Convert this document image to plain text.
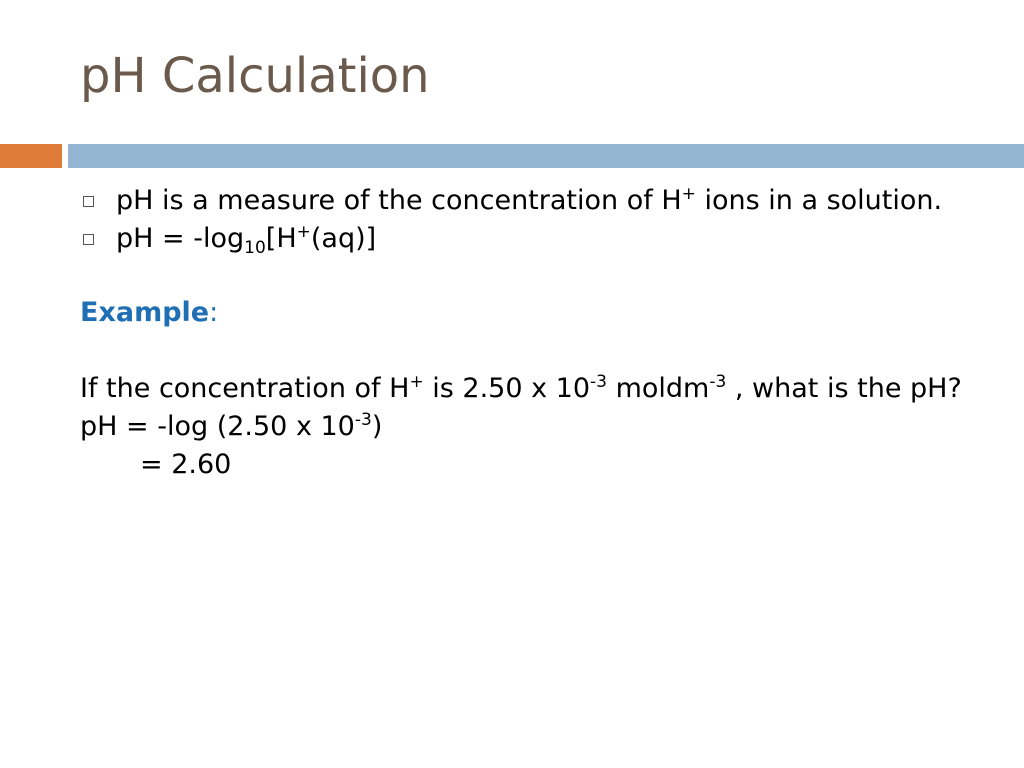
pH Calculation
pH is a measure of the concentration of H+ ions in a solution.
pH = $-\log_{10}[H^+(aq)]$
Example:
If the concentration of H+ is 2.50 x $10^{-3}$ moldm$^{-3}$ , what is the pH?
pH = -log (2.50 x $10^{-3}$)
= 2.60
